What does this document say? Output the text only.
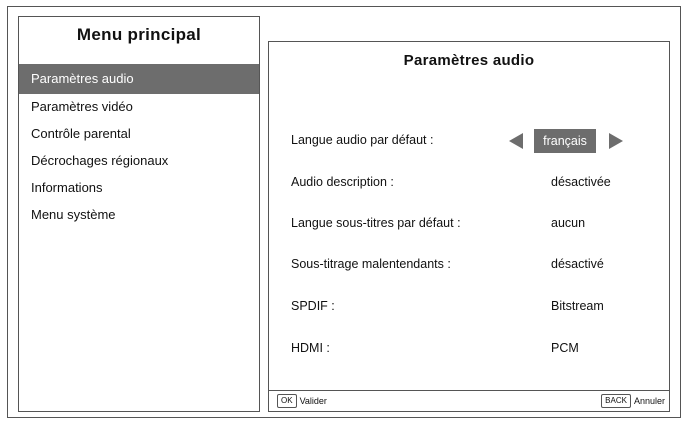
Menu principal
Paramètres audio
Paramètres vidéo
Contrôle parental
Décrochages régionaux
Informations
Menu système
Paramètres audio
Langue audio par défaut :	français
Audio description :	désactivée
Langue sous-titres par défaut :	aucun
Sous-titrage malentendants :	désactivé
SPDIF :	Bitstream
HDMI :	PCM
OK Valider	BACK Annuler
